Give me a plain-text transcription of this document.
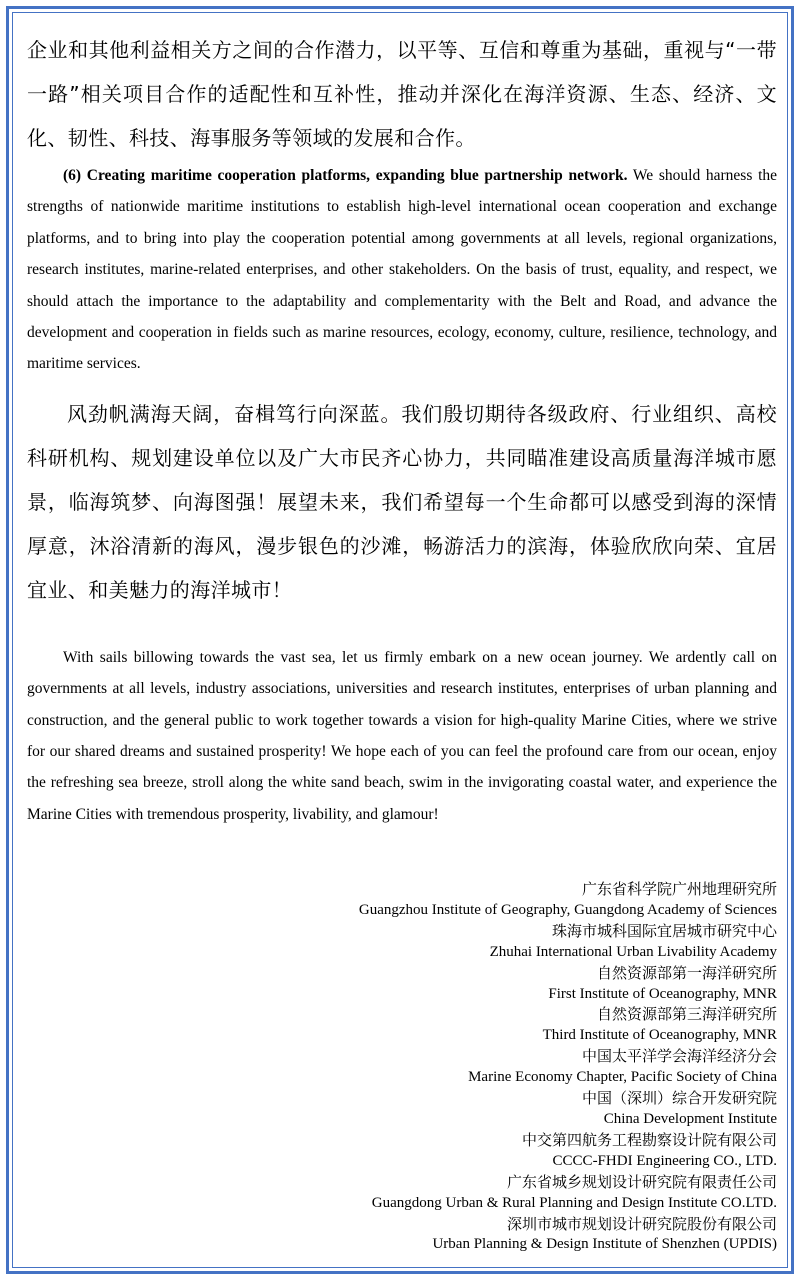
企业和其他利益相关方之间的合作潜力，以平等、互信和尊重为基础，重视与“一带一路”相关项目合作的适配性和互补性，推动并深化在海洋资源、生态、经济、文化、韧性、科技、海事服务等领域的发展和合作。

(6) Creating maritime cooperation platforms, expanding blue partnership network. We should harness the strengths of nationwide maritime institutions to establish high-level international ocean cooperation and exchange platforms, and to bring into play the cooperation potential among governments at all levels, regional organizations, research institutes, marine-related enterprises, and other stakeholders. On the basis of trust, equality, and respect, we should attach the importance to the adaptability and complementarity with the Belt and Road, and advance the development and cooperation in fields such as marine resources, ecology, economy, culture, resilience, technology, and maritime services.

风劲帆满海天阔，奋楫笃行向深蓝。我们殷切期待各级政府、行业组织、高校科研机构、规划建设单位以及广大市民齐心协力，共同瞄准建设高质量海洋城市愿景，临海筑梦、向海图强！展望未来，我们希望每一个生命都可以感受到海的深情厚意，沐浴清新的海风，漫步银色的沙滩，畅游活力的滨海，体验欣欣向荣、宜居宜业、和美魅力的海洋城市！

With sails billowing towards the vast sea, let us firmly embark on a new ocean journey. We ardently call on governments at all levels, industry associations, universities and research institutes, enterprises of urban planning and construction, and the general public to work together towards a vision for high-quality Marine Cities, where we strive for our shared dreams and sustained prosperity! We hope each of you can feel the profound care from our ocean, enjoy the refreshing sea breeze, stroll along the white sand beach, swim in the invigorating coastal water, and experience the Marine Cities with tremendous prosperity, livability, and glamour!

广东省科学院广州地理研究所

Guangzhou Institute of Geography, Guangdong Academy of Sciences

珠海市城科国际宜居城市研究中心

Zhuhai International Urban Livability Academy

自然资源部第一海洋研究所

First Institute of Oceanography, MNR

自然资源部第三海洋研究所

Third Institute of Oceanography, MNR

中国太平洋学会海洋经济分会

Marine Economy Chapter, Pacific Society of China

中国（深圳）综合开发研究院

China Development Institute

中交第四航务工程勘察设计院有限公司

CCCC-FHDI Engineering CO., LTD.

广东省城乡规划设计研究院有限责任公司

Guangdong Urban & Rural Planning and Design Institute CO.LTD.

深圳市城市规划设计研究院股份有限公司

Urban Planning & Design Institute of Shenzhen (UPDIS)
